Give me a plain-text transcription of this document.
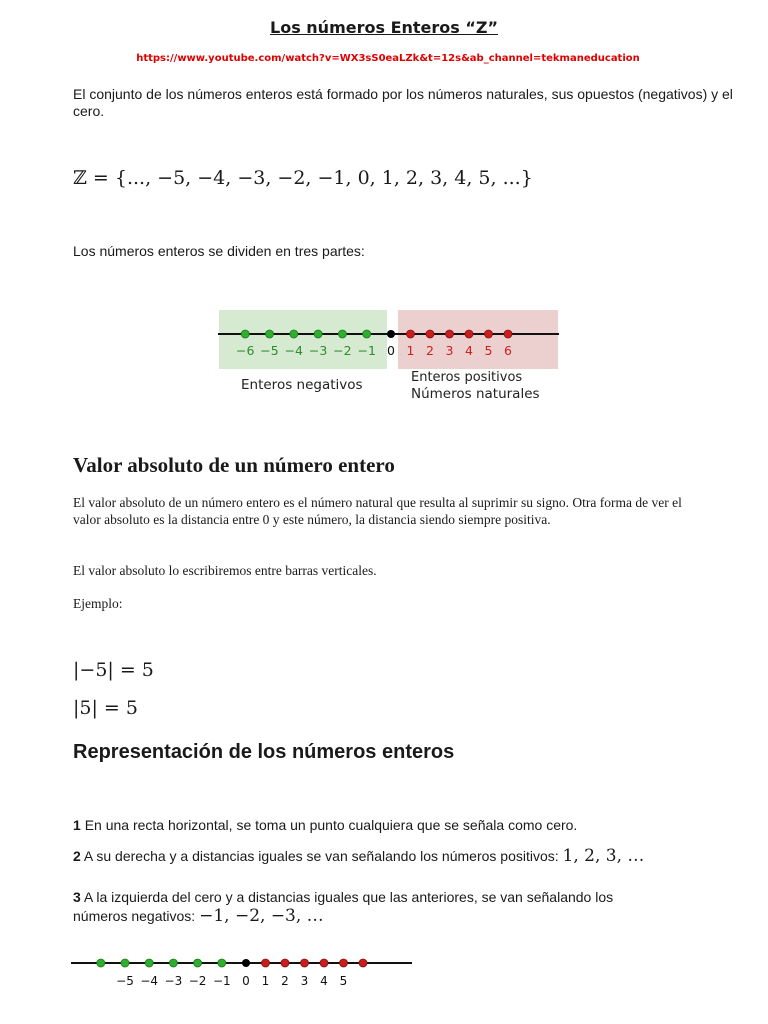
Los números Enteros “Z”
https://www.youtube.com/watch?v=WX3sS0eaLZk&t=12s&ab_channel=tekmaneducation
El conjunto de los números enteros está formado por los números naturales, sus opuestos (negativos) y el cero.
ℤ = {..., −5, −4, −3, −2, −1, 0, 1, 2, 3, 4, 5, ...}
Los números enteros se dividen en tres partes:
−6 −5 −4 −3 −2 −1 0 1 2 3 4 5 6
Enteros negativos	Enteros positivos
Números naturales
Valor absoluto de un número entero
El valor absoluto de un número entero es el número natural que resulta al suprimir su signo. Otra forma de ver el valor absoluto es la distancia entre 0 y este número, la distancia siendo siempre positiva.
El valor absoluto lo escribiremos entre barras verticales.
Ejemplo:
|−5| = 5
|5| = 5
Representación de los números enteros
1 En una recta horizontal, se toma un punto cualquiera que se señala como cero.
2 A su derecha y a distancias iguales se van señalando los números positivos: 1, 2, 3, …
3 A la izquierda del cero y a distancias iguales que las anteriores, se van señalando los
números negativos: −1, −2, −3, …
−5 −4 −3 −2 −1 0 1 2 3 4 5
